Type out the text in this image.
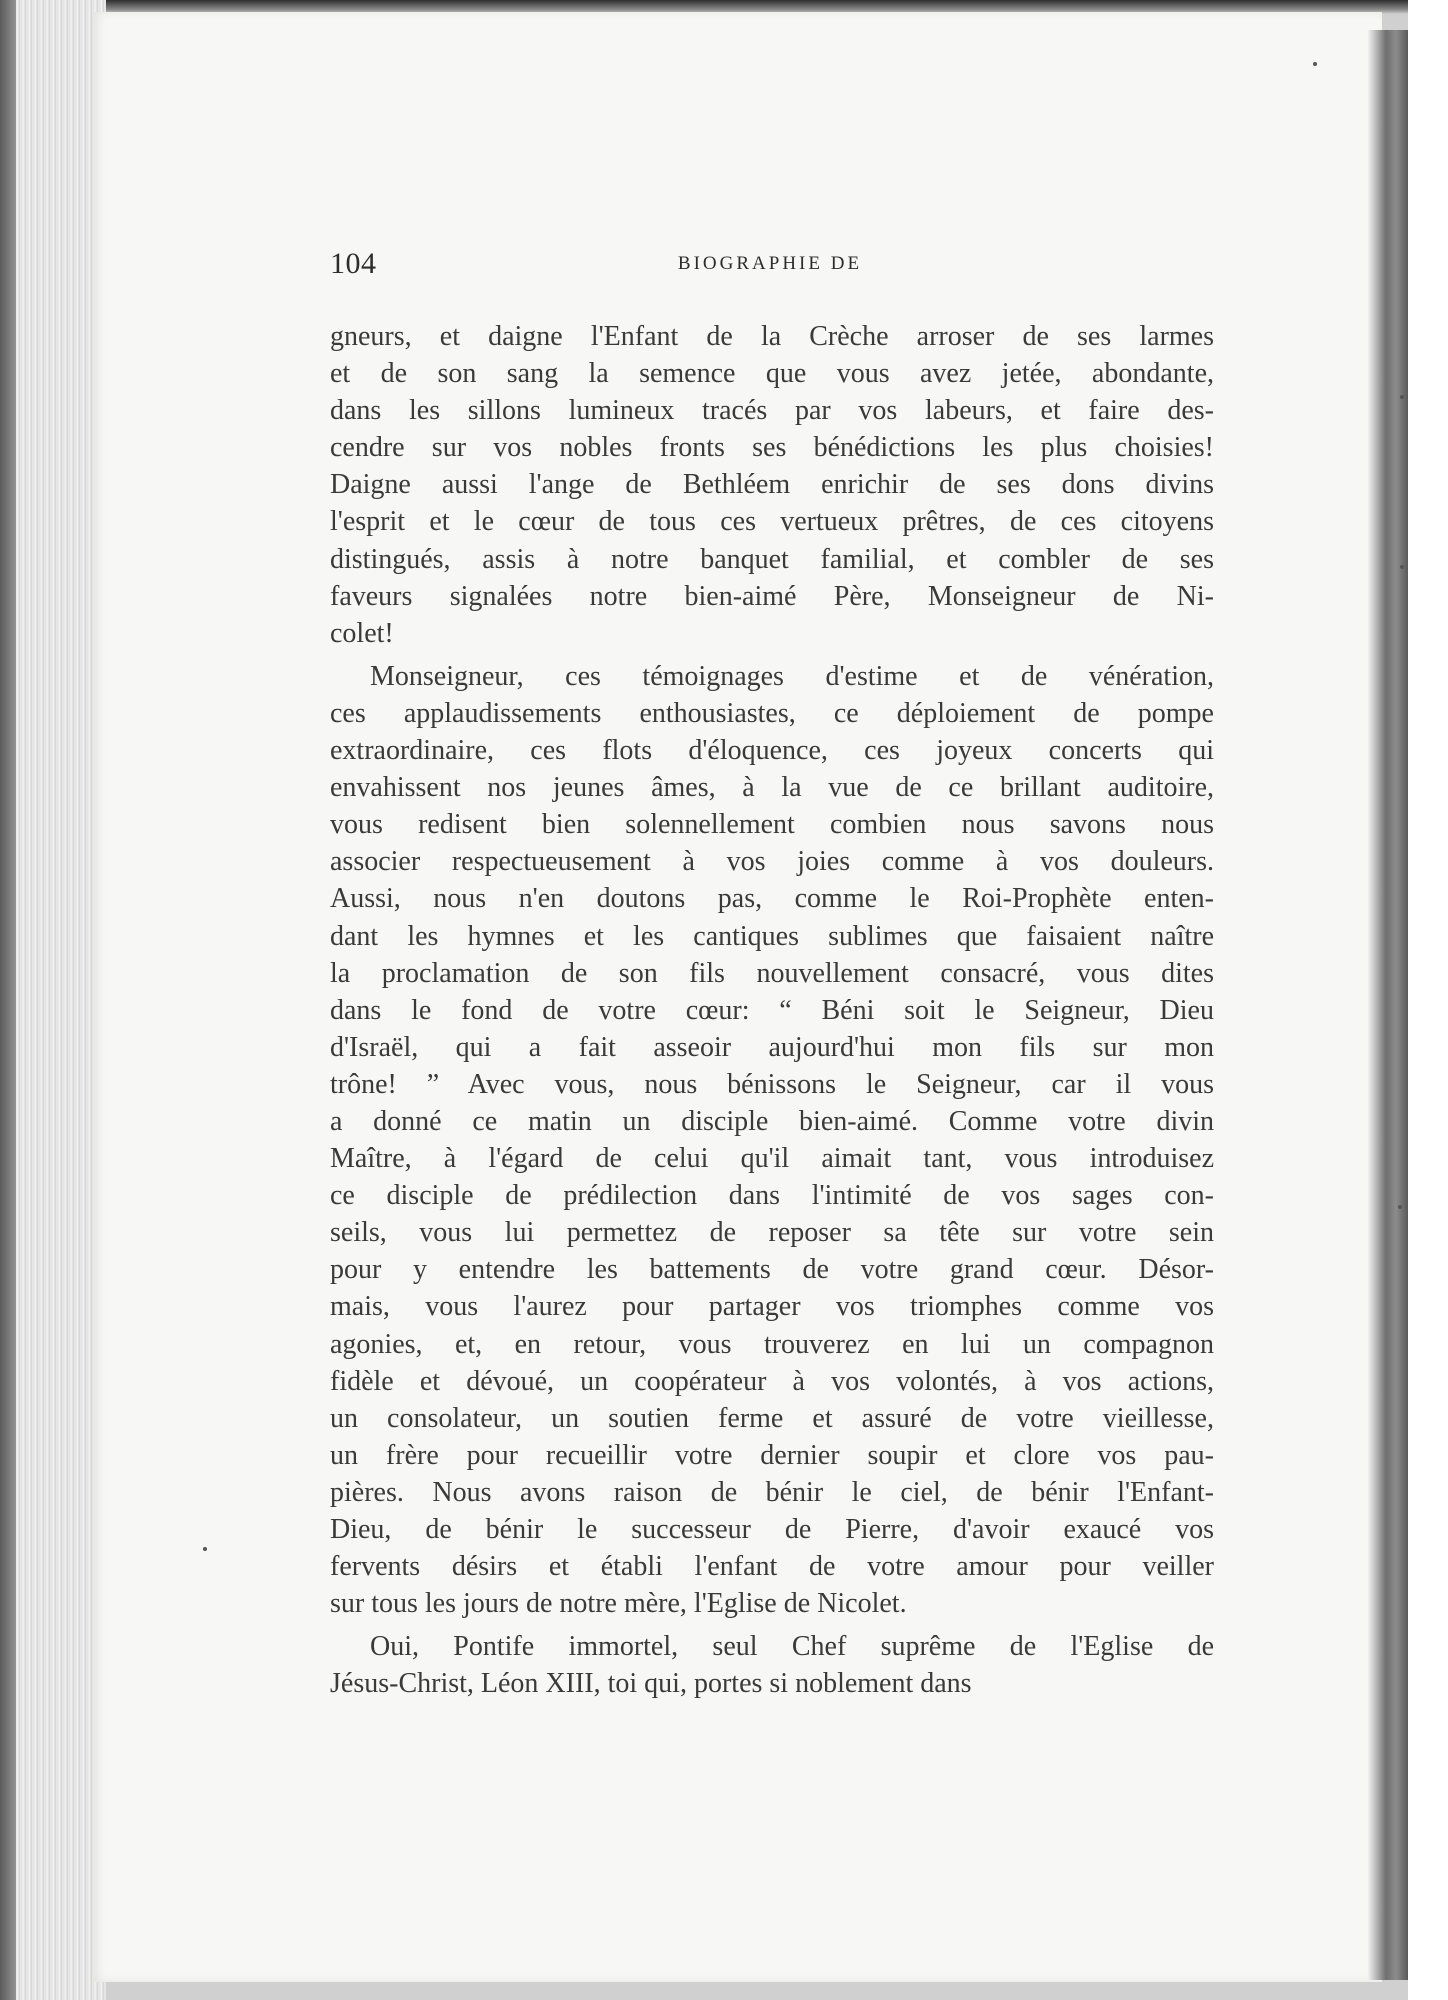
104	BIOGRAPHIE DE
gneurs, et daigne l'Enfant de la Crèche arroser de ses larmes
et de son sang la semence que vous avez jetée, abondante,
dans les sillons lumineux tracés par vos labeurs, et faire des-
cendre sur vos nobles fronts ses bénédictions les plus choisies!
Daigne aussi l'ange de Bethléem enrichir de ses dons divins
l'esprit et le cœur de tous ces vertueux prêtres, de ces citoyens
distingués, assis à notre banquet familial, et combler de ses
faveurs signalées notre bien-aimé Père, Monseigneur de Ni-
colet!
Monseigneur, ces témoignages d'estime et de vénération,
ces applaudissements enthousiastes, ce déploiement de pompe
extraordinaire, ces flots d'éloquence, ces joyeux concerts qui
envahissent nos jeunes âmes, à la vue de ce brillant auditoire,
vous redisent bien solennellement combien nous savons nous
associer respectueusement à vos joies comme à vos douleurs.
Aussi, nous n'en doutons pas, comme le Roi-Prophète enten-
dant les hymnes et les cantiques sublimes que faisaient naître
la proclamation de son fils nouvellement consacré, vous dites
dans le fond de votre cœur: “ Béni soit le Seigneur, Dieu
d'Israël, qui a fait asseoir aujourd'hui mon fils sur mon
trône! ” Avec vous, nous bénissons le Seigneur, car il vous
a donné ce matin un disciple bien-aimé. Comme votre divin
Maître, à l'égard de celui qu'il aimait tant, vous introduisez
ce disciple de prédilection dans l'intimité de vos sages con-
seils, vous lui permettez de reposer sa tête sur votre sein
pour y entendre les battements de votre grand cœur. Désor-
mais, vous l'aurez pour partager vos triomphes comme vos
agonies, et, en retour, vous trouverez en lui un compagnon
fidèle et dévoué, un coopérateur à vos volontés, à vos actions,
un consolateur, un soutien ferme et assuré de votre vieillesse,
un frère pour recueillir votre dernier soupir et clore vos pau-
pières. Nous avons raison de bénir le ciel, de bénir l'Enfant-
Dieu, de bénir le successeur de Pierre, d'avoir exaucé vos
fervents désirs et établi l'enfant de votre amour pour veiller
sur tous les jours de notre mère, l'Eglise de Nicolet.
Oui, Pontife immortel, seul Chef suprême de l'Eglise de
Jésus-Christ, Léon XIII, toi qui, portes si noblement dans
